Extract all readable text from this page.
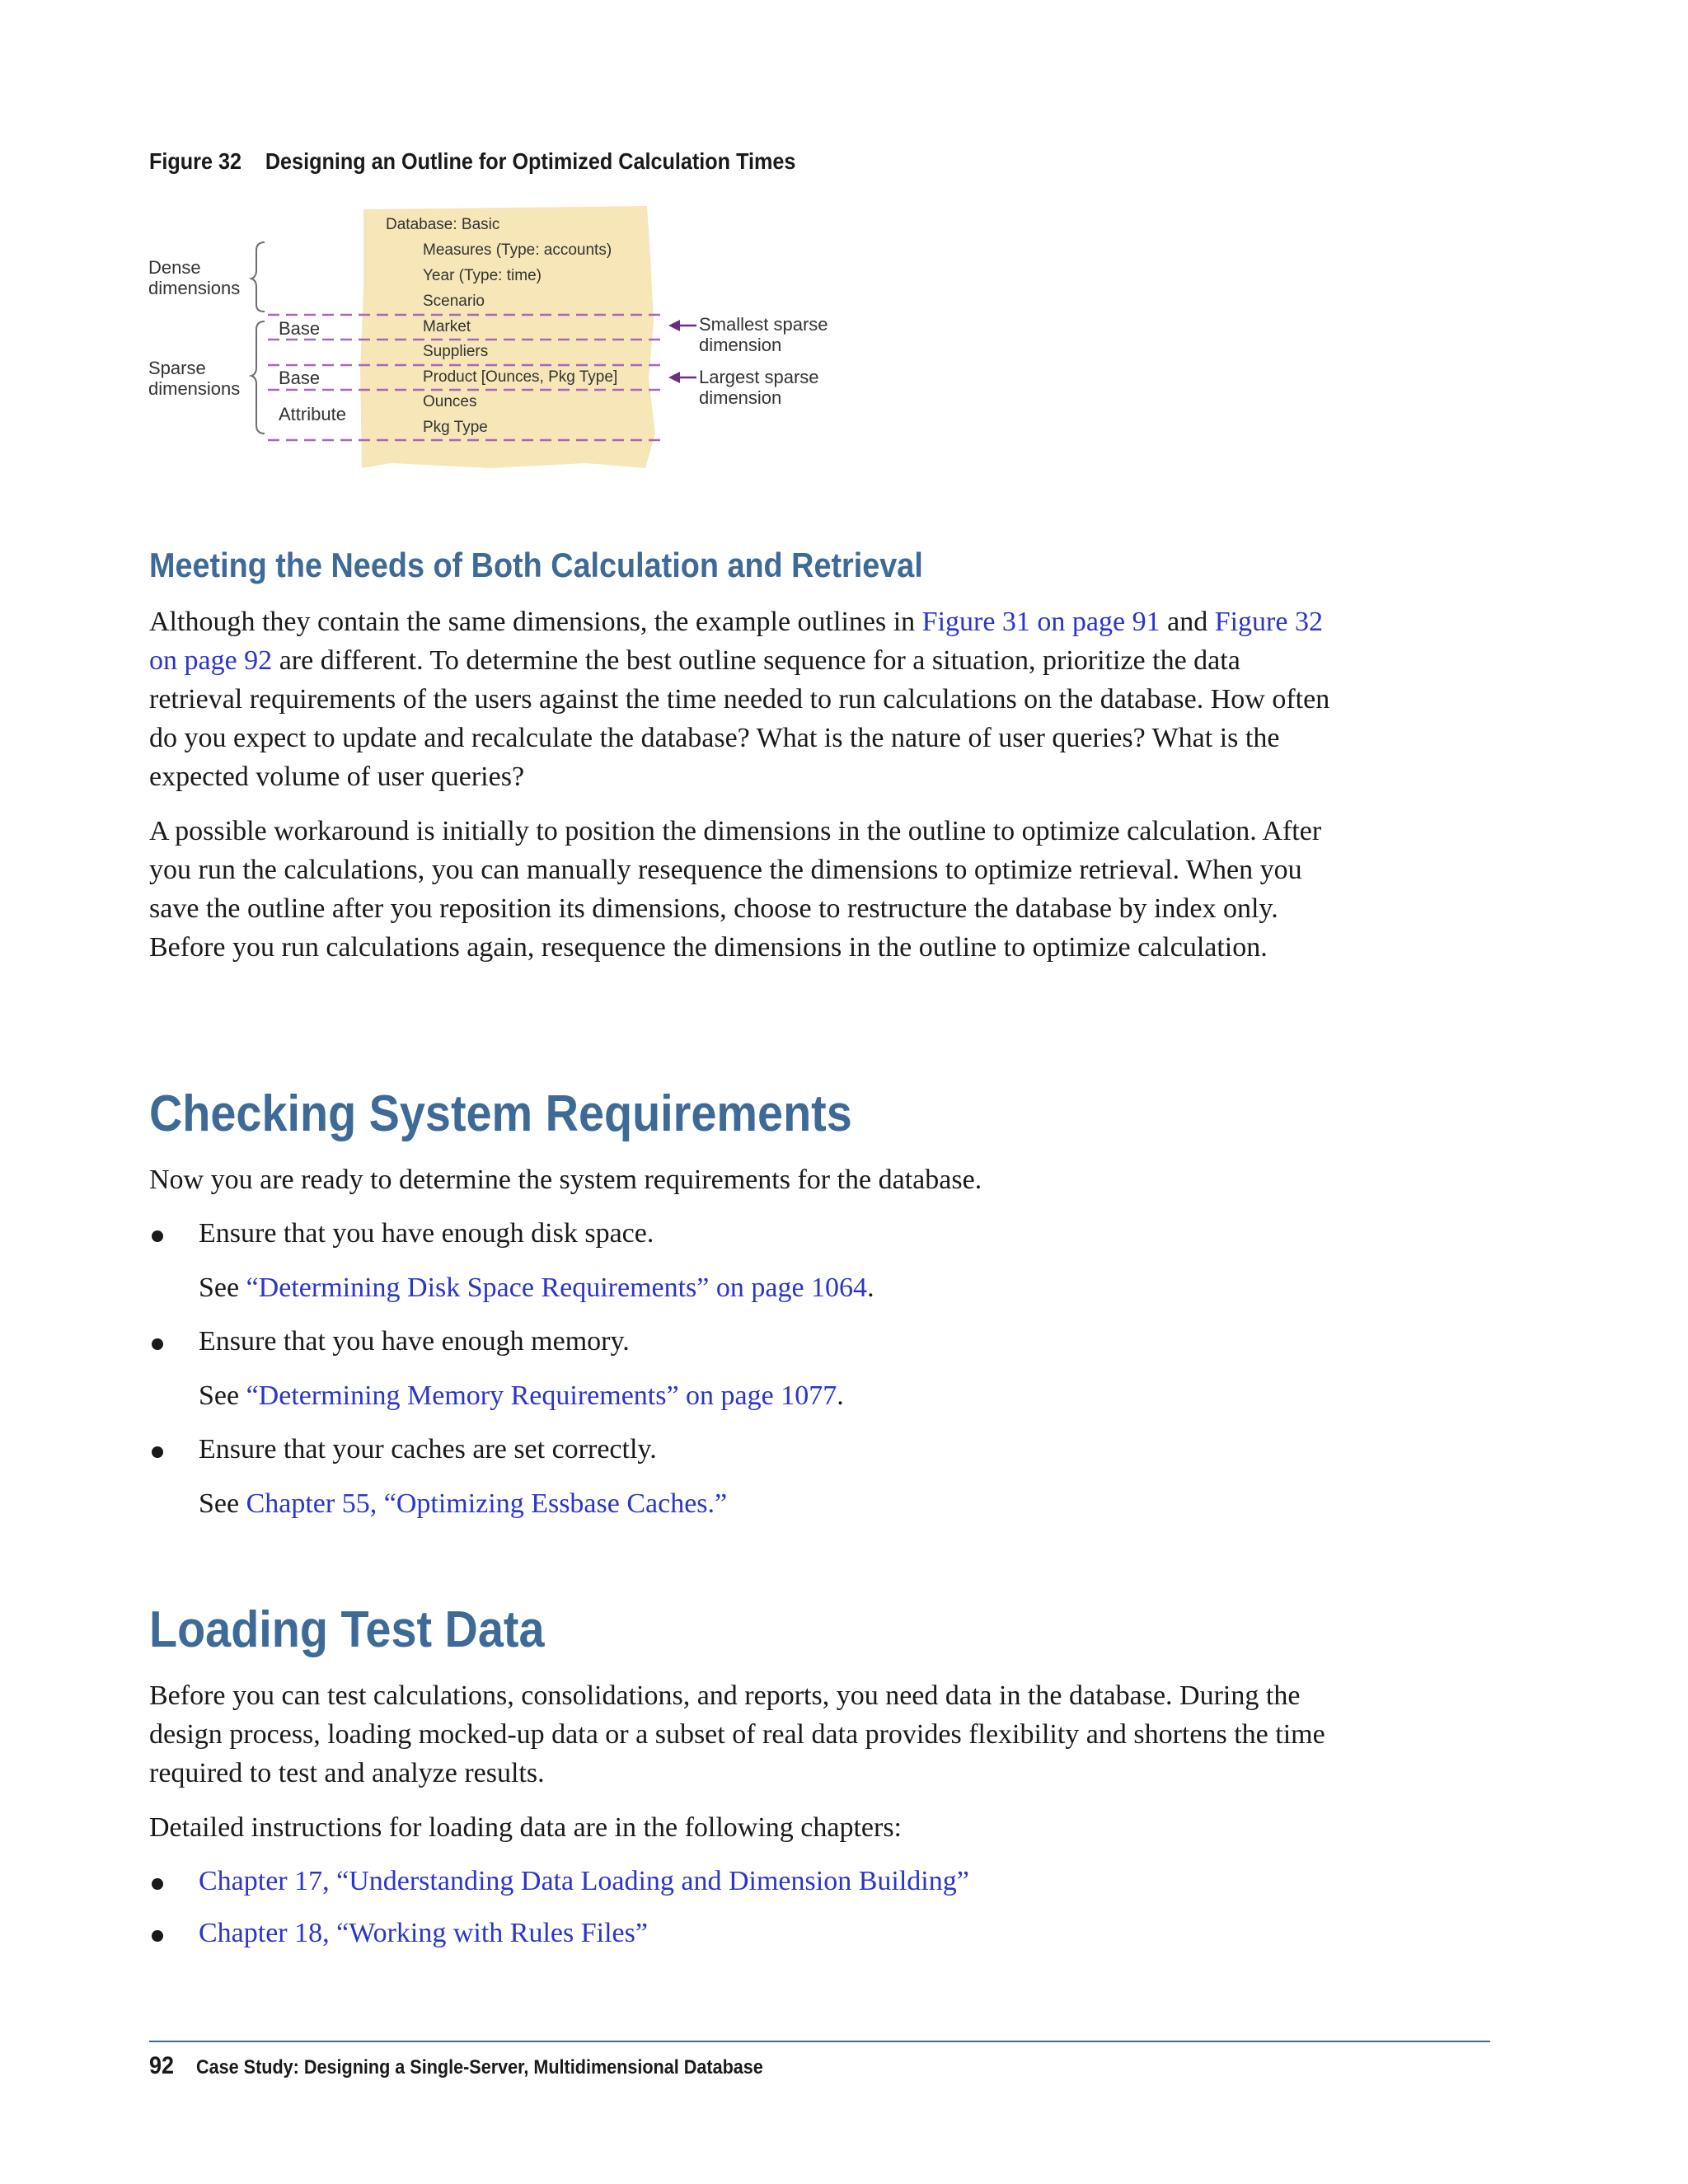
Figure 32 Designing an Outline for Optimized Calculation Times
Dense
dimensions
Sparse
dimensions
Base
Base
Attribute
Database: Basic
Measures (Type: accounts)
Year (Type: time)
Scenario
Market
Suppliers
Product [Ounces, Pkg Type]
Ounces
Pkg Type
Smallest sparse
dimension
Largest sparse
dimension
Meeting the Needs of Both Calculation and Retrieval

Although they contain the same dimensions, the example outlines in Figure 31 on page 91 and Figure 32 on page 92 are different. To determine the best outline sequence for a situation, prioritize the data retrieval requirements of the users against the time needed to run calculations on the database. How often do you expect to update and recalculate the database? What is the nature of user queries? What is the expected volume of user queries?

A possible workaround is initially to position the dimensions in the outline to optimize calculation. After you run the calculations, you can manually resequence the dimensions to optimize retrieval. When you save the outline after you reposition its dimensions, choose to restructure the database by index only. Before you run calculations again, resequence the dimensions in the outline to optimize calculation.

Checking System Requirements

Now you are ready to determine the system requirements for the database.

Ensure that you have enough disk space.
See “Determining Disk Space Requirements” on page 1064.
Ensure that you have enough memory.
See “Determining Memory Requirements” on page 1077.
Ensure that your caches are set correctly.
See Chapter 55, “Optimizing Essbase Caches.”
Loading Test Data

Before you can test calculations, consolidations, and reports, you need data in the database. During the design process, loading mocked-up data or a subset of real data provides flexibility and shortens the time required to test and analyze results.

Detailed instructions for loading data are in the following chapters:

Chapter 17, “Understanding Data Loading and Dimension Building”
Chapter 18, “Working with Rules Files”
92 Case Study: Designing a Single-Server, Multidimensional Database
